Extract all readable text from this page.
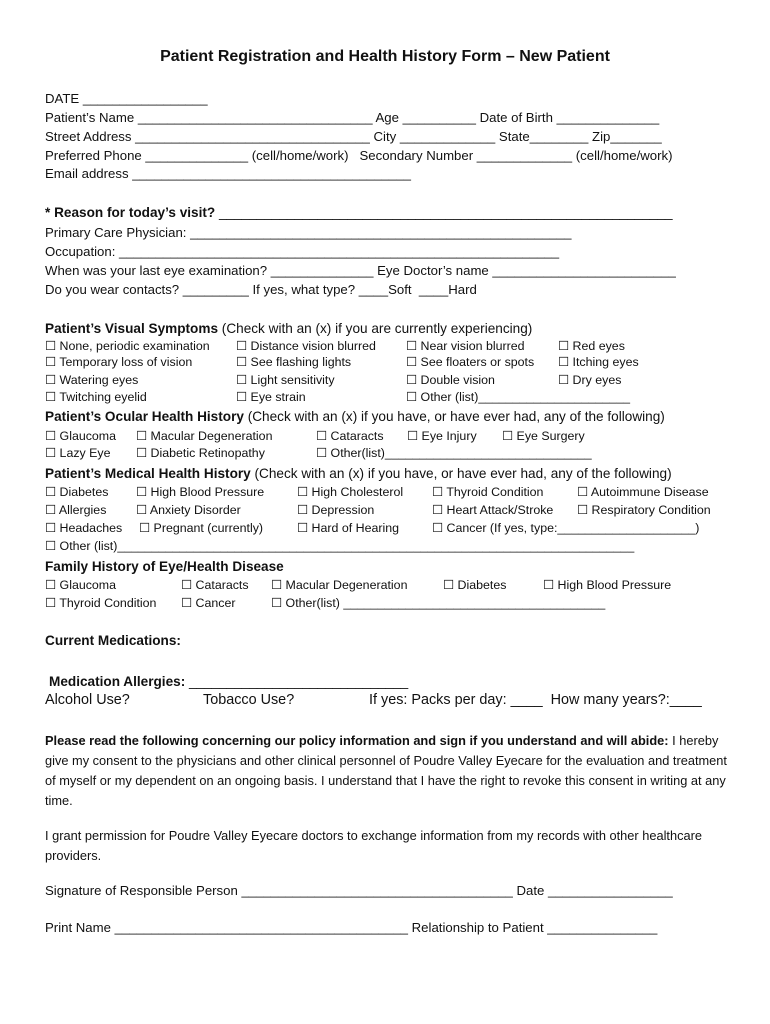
Patient Registration and Health History Form – New Patient
DATE _________________
Patient’s Name ________________________________ Age __________ Date of Birth ______________
Street Address ________________________________ City _____________ State________ Zip_______
Preferred Phone ______________ (cell/home/work)   Secondary Number _____________ (cell/home/work)
Email address ______________________________________
* Reason for today’s visit? ____________________________________________________________
Primary Care Physician: ____________________________________________________
Occupation: ____________________________________________________________
When was your last eye examination? ______________ Eye Doctor’s name _________________________
Do you wear contacts? _________ If yes, what type? ____Soft  ____Hard
Patient’s Visual Symptoms (Check with an (x) if you are currently experiencing)
☐ None, periodic examination ☐ Distance vision blurred ☐ Near vision blurred	☐ Red eyes
☐ Temporary loss of vision	☐ See flashing lights	☐ See floaters or spots ☐ Itching eyes
☐ Watering eyes	☐ Light sensitivity	☐ Double vision	☐ Dry eyes
☐ Twitching eyelid	☐ Eye strain	☐ Other (list)______________________
Patient’s Ocular Health History (Check with an (x) if you have, or have ever had, any of the following)
☐ Glaucoma ☐ Macular Degeneration	☐ Cataracts ☐ Eye Injury ☐ Eye Surgery
☐ Lazy Eye ☐ Diabetic Retinopathy	☐ Other(list)______________________________
Patient’s Medical Health History (Check with an (x) if you have, or have ever had, any of the following)
☐ Diabetes ☐ High Blood Pressure	☐ High Cholesterol ☐ Thyroid Condition	☐ Autoimmune Disease
☐ Allergies ☐ Anxiety Disorder	☐ Depression	☐ Heart Attack/Stroke ☐ Respiratory Condition
☐ Headaches ☐ Pregnant (currently)	☐ Hard of Hearing	☐ Cancer (If yes, type:____________________)
☐ Other (list)___________________________________________________________________________
Family History of Eye/Health Disease
☐ Glaucoma	☐ Cataracts ☐ Macular Degeneration	☐ Diabetes	☐ High Blood Pressure
☐ Thyroid Condition ☐ Cancer	☐ Other(list) ______________________________________
Current Medications:
Medication Allergies: _____________________________
Alcohol Use?	Tobacco Use?	If yes: Packs per day: ____  How many years?:____
Please read the following concerning our policy information and sign if you understand and will abide: I hereby give my consent to the physicians and other clinical personnel of Poudre Valley Eyecare for the evaluation and treatment of myself or my dependent on an ongoing basis. I understand that I have the right to revoke this consent in writing at any time.
I grant permission for Poudre Valley Eyecare doctors to exchange information from my records with other healthcare providers.
Signature of Responsible Person _____________________________________ Date _________________
Print Name ________________________________________ Relationship to Patient _______________
